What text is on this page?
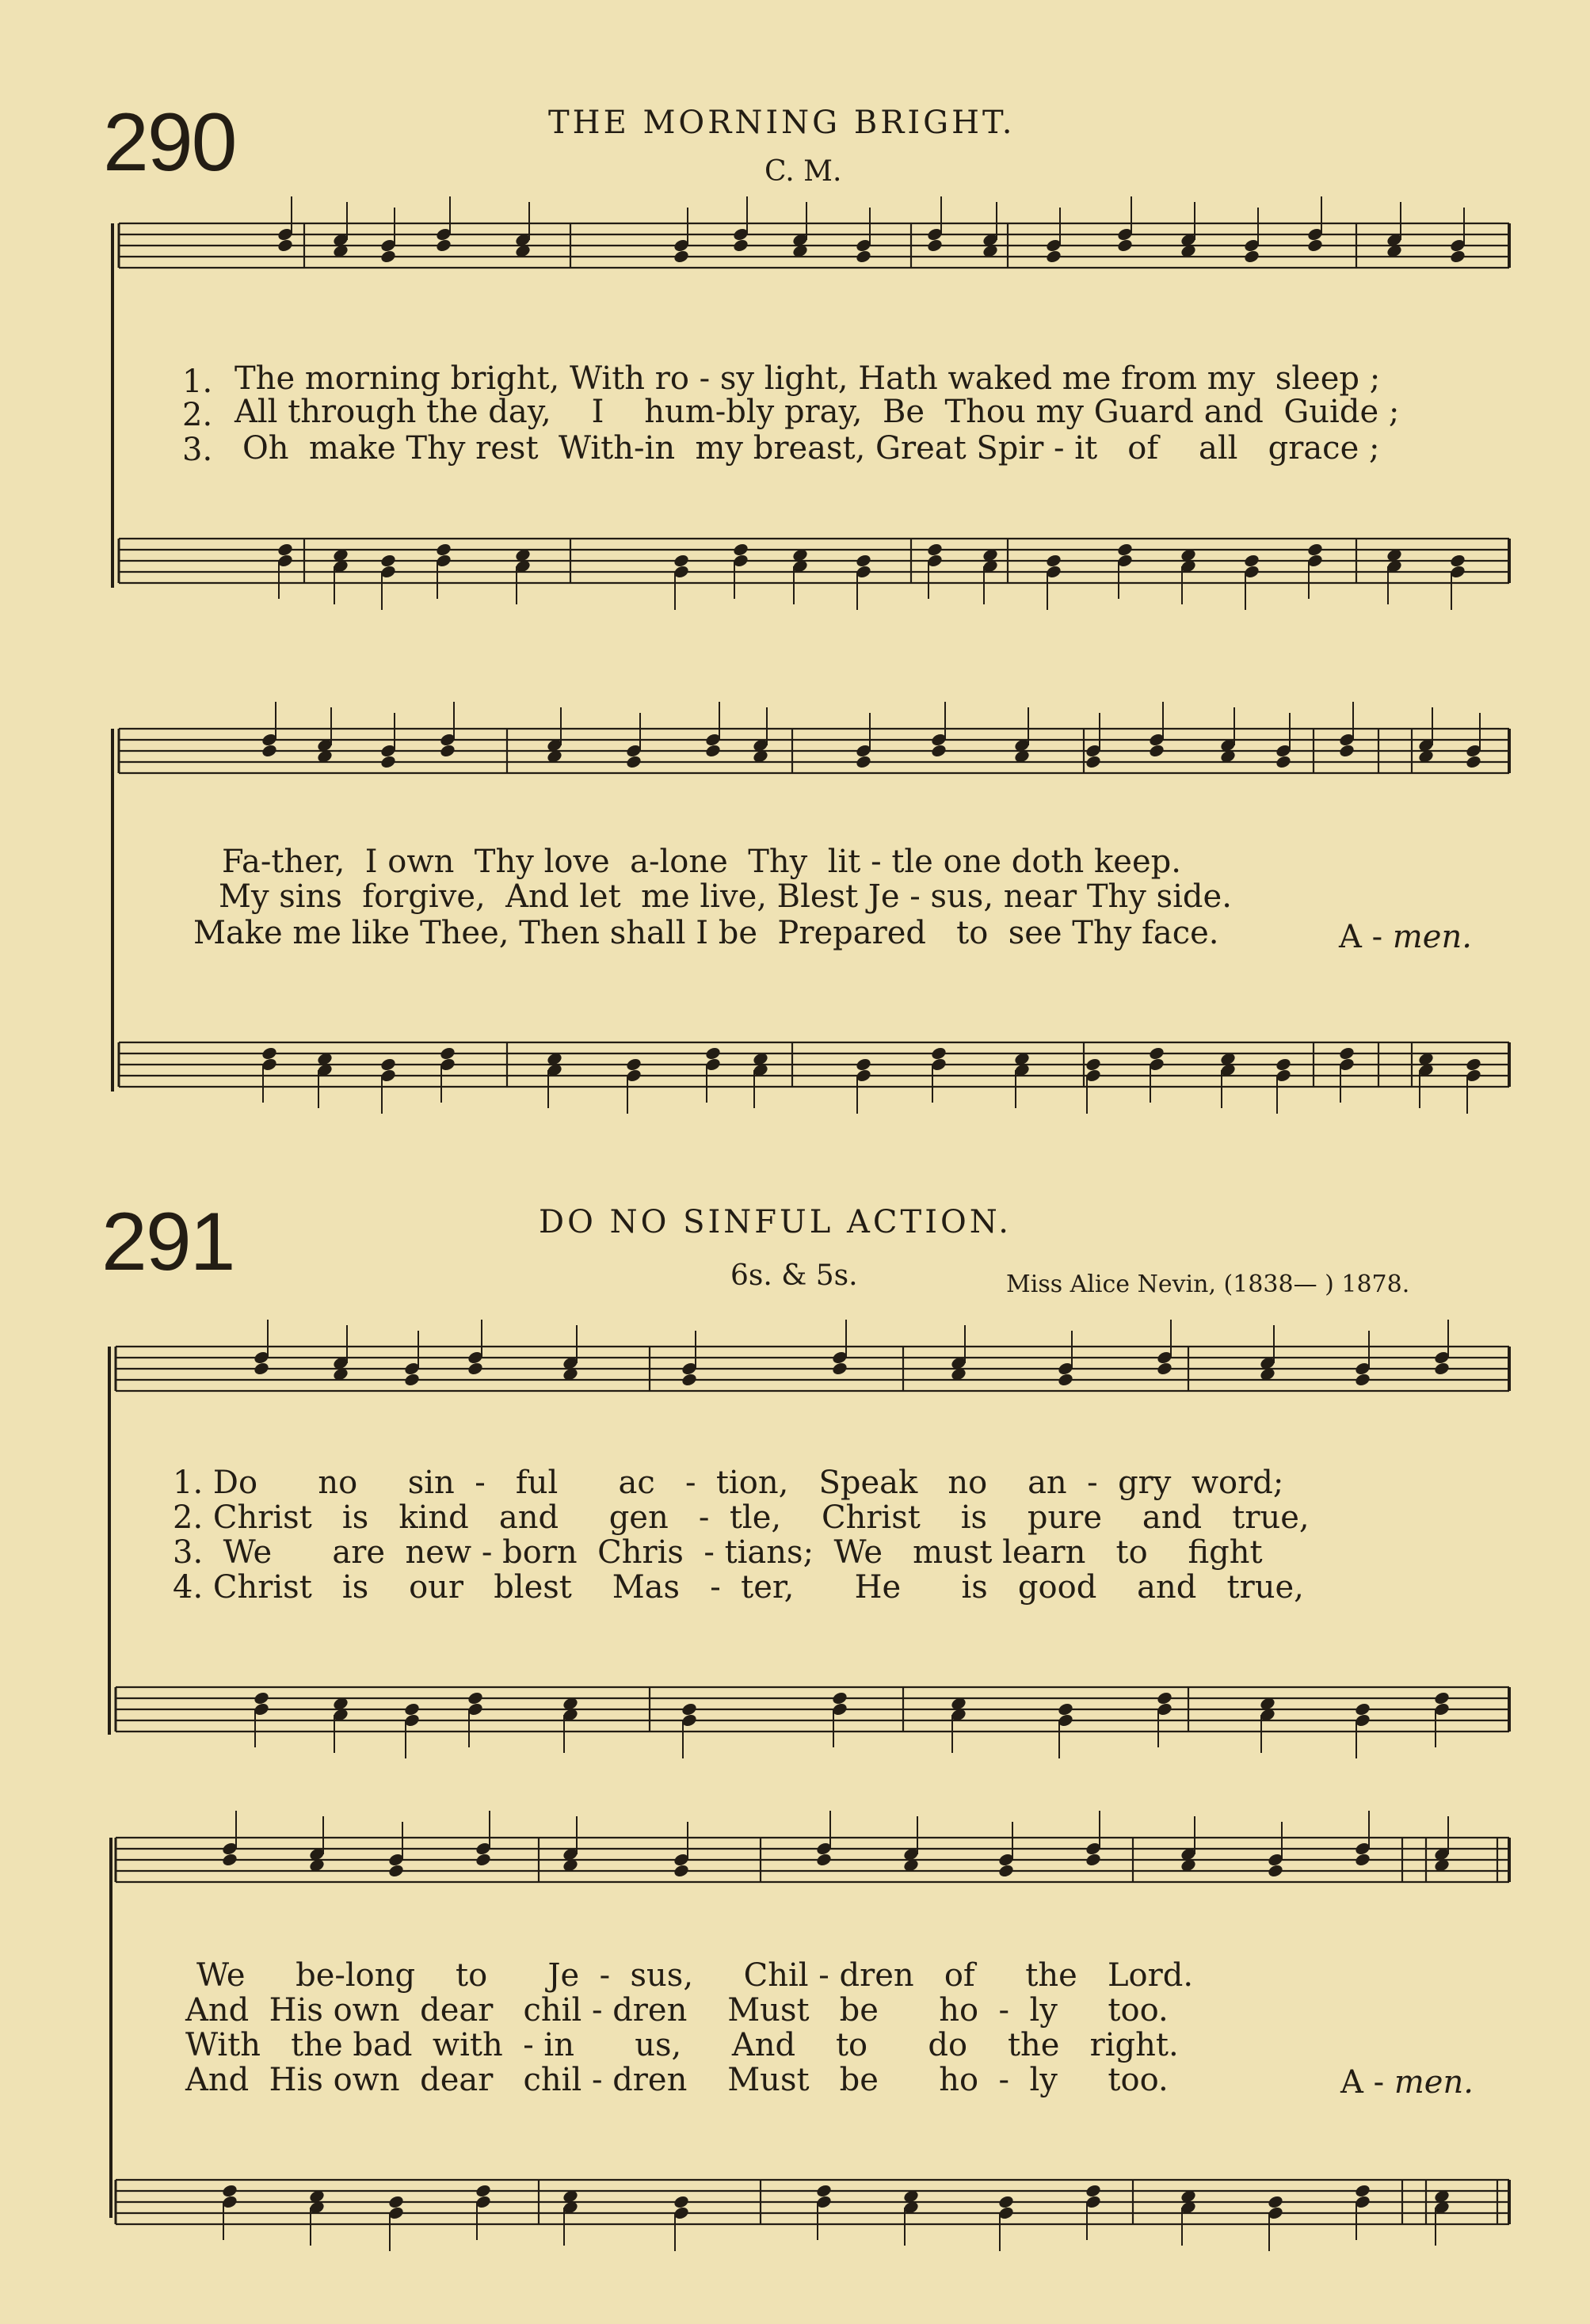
290	THE MORNING BRIGHT.
C. M.
1. The morning bright, With ro - sy light, Hath waked me from my  sleep ;
2. All through the day,    I    hum-bly pray,  Be  Thou my Guard and  Guide ;
3. Oh  make Thy rest  With-in  my breast, Great Spir - it   of    all   grace ;
Fa-ther,  I own  Thy love  a-lone  Thy  lit - tle one doth keep.
My sins  forgive,  And let  me live, Blest Je - sus, near Thy side.
Make me like Thee, Then shall I be  Prepared   to  see Thy face.	A - men.
291	DO NO SINFUL ACTION.
6s. & 5s.	Miss Alice Nevin, (1838— ) 1878.
1. Do      no     sin  -   ful      ac   -  tion,   Speak   no    an  -  gry  word;
2. Christ   is   kind   and     gen   -  tle,    Christ    is    pure    and   true,
3.  We      are  new - born  Chris  - tians;  We   must learn   to    fight
4. Christ   is    our   blest    Mas   -  ter,      He      is   good    and   true,
We     be-long    to      Je  -  sus,     Chil - dren   of     the   Lord.
And  His own  dear   chil - dren    Must   be      ho  -  ly     too.
With   the bad  with  - in      us,     And    to      do    the   right.
And  His own  dear   chil - dren    Must   be      ho  -  ly     too.	A - men.
